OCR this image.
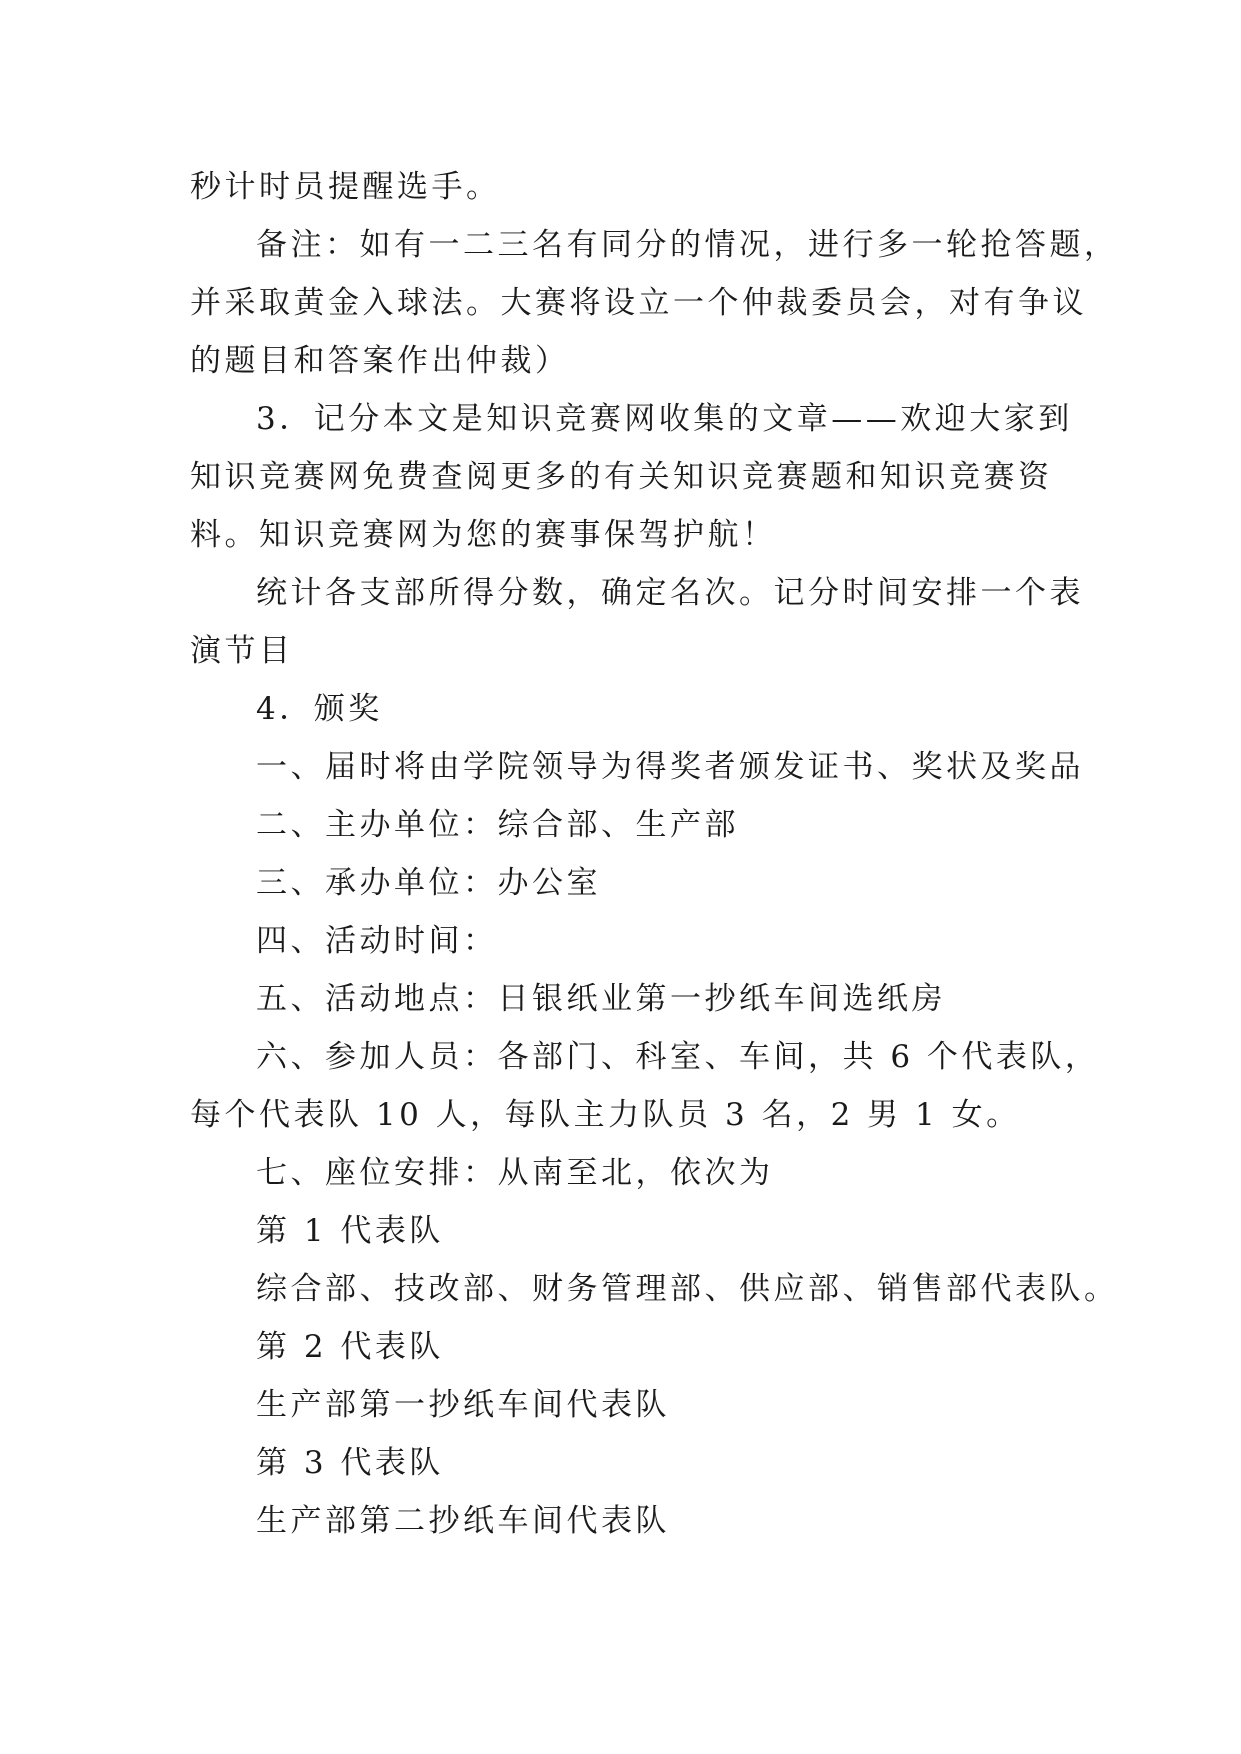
秒计时员提醒选手。

备注：如有一二三名有同分的情况，进行多一轮抢答题，

并采取黄金入球法。大赛将设立一个仲裁委员会，对有争议

的题目和答案作出仲裁）

3．记分本文是知识竞赛网收集的文章——欢迎大家到

知识竞赛网免费查阅更多的有关知识竞赛题和知识竞赛资

料。知识竞赛网为您的赛事保驾护航！

统计各支部所得分数，确定名次。记分时间安排一个表

演节目

4．颁奖

一、届时将由学院领导为得奖者颁发证书、奖状及奖品

二、主办单位：综合部、生产部

三、承办单位：办公室

四、活动时间：

五、活动地点：日银纸业第一抄纸车间选纸房

六、参加人员：各部门、科室、车间，共 6 个代表队，

每个代表队 10 人，每队主力队员 3 名，2 男 1 女。

七、座位安排：从南至北，依次为

第 1 代表队

综合部、技改部、财务管理部、供应部、销售部代表队。

第 2 代表队

生产部第一抄纸车间代表队

第 3 代表队

生产部第二抄纸车间代表队
